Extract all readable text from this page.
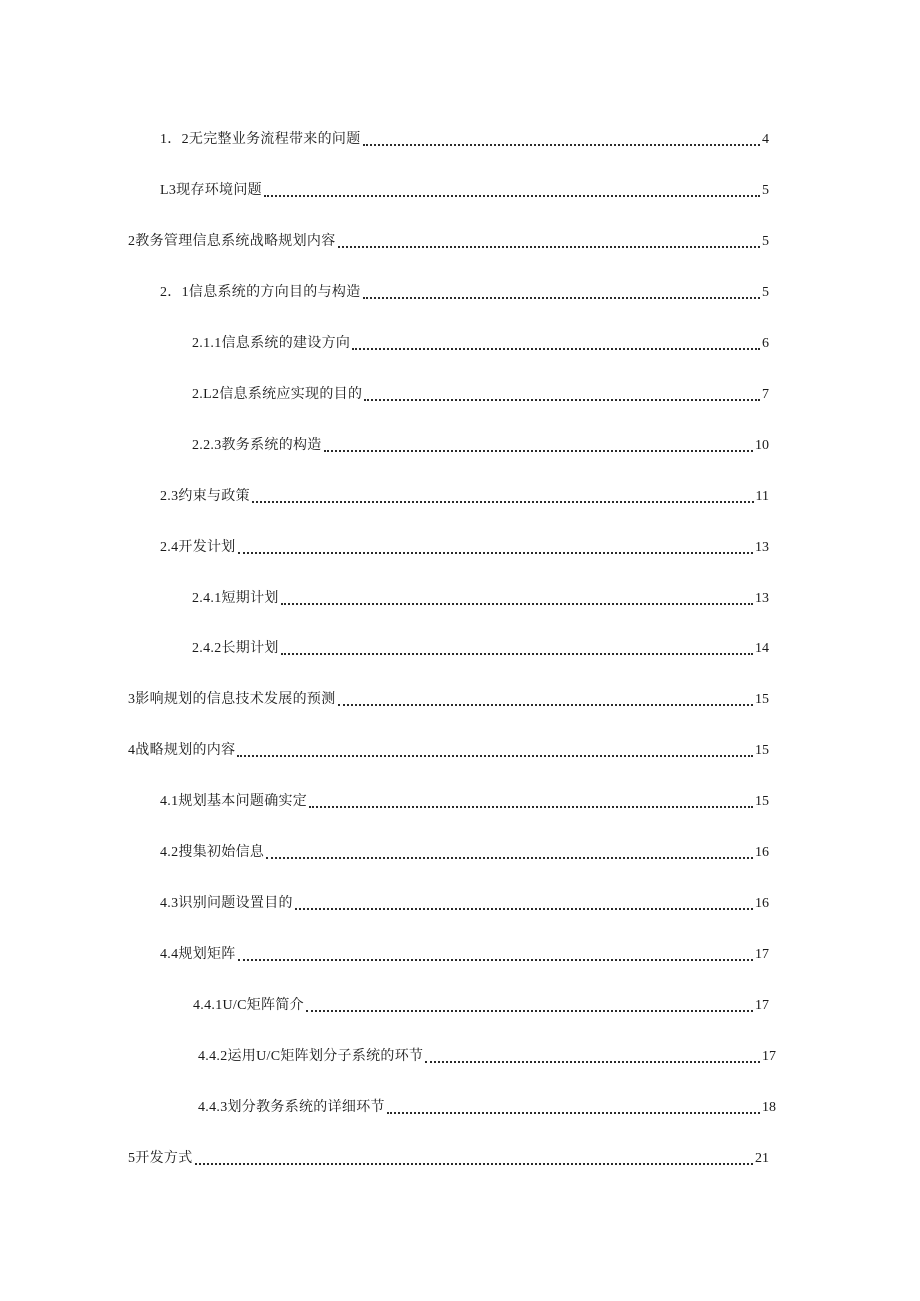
1．2无完整业务流程带来的问题	4
L3现存环境问题	5
2教务管理信息系统战略规划内容	5
2．1信息系统的方向目的与构造	5
2.1.1信息系统的建设方向	6
2.L2信息系统应实现的目的	7
2.2.3教务系统的构造	10
2.3约束与政策	11
2.4开发计划	13
2.4.1短期计划	13
2.4.2长期计划	14
3影响规划的信息技术发展的预测	15
4战略规划的内容	15
4.1规划基本问题确实定	15
4.2搜集初始信息	16
4.3识别问题设置目的	16
4.4规划矩阵	17
4.4.1U/C矩阵简介	17
4.4.2运用U/C矩阵划分子系统的环节	17
4.4.3划分教务系统的详细环节	18
5开发方式	21
